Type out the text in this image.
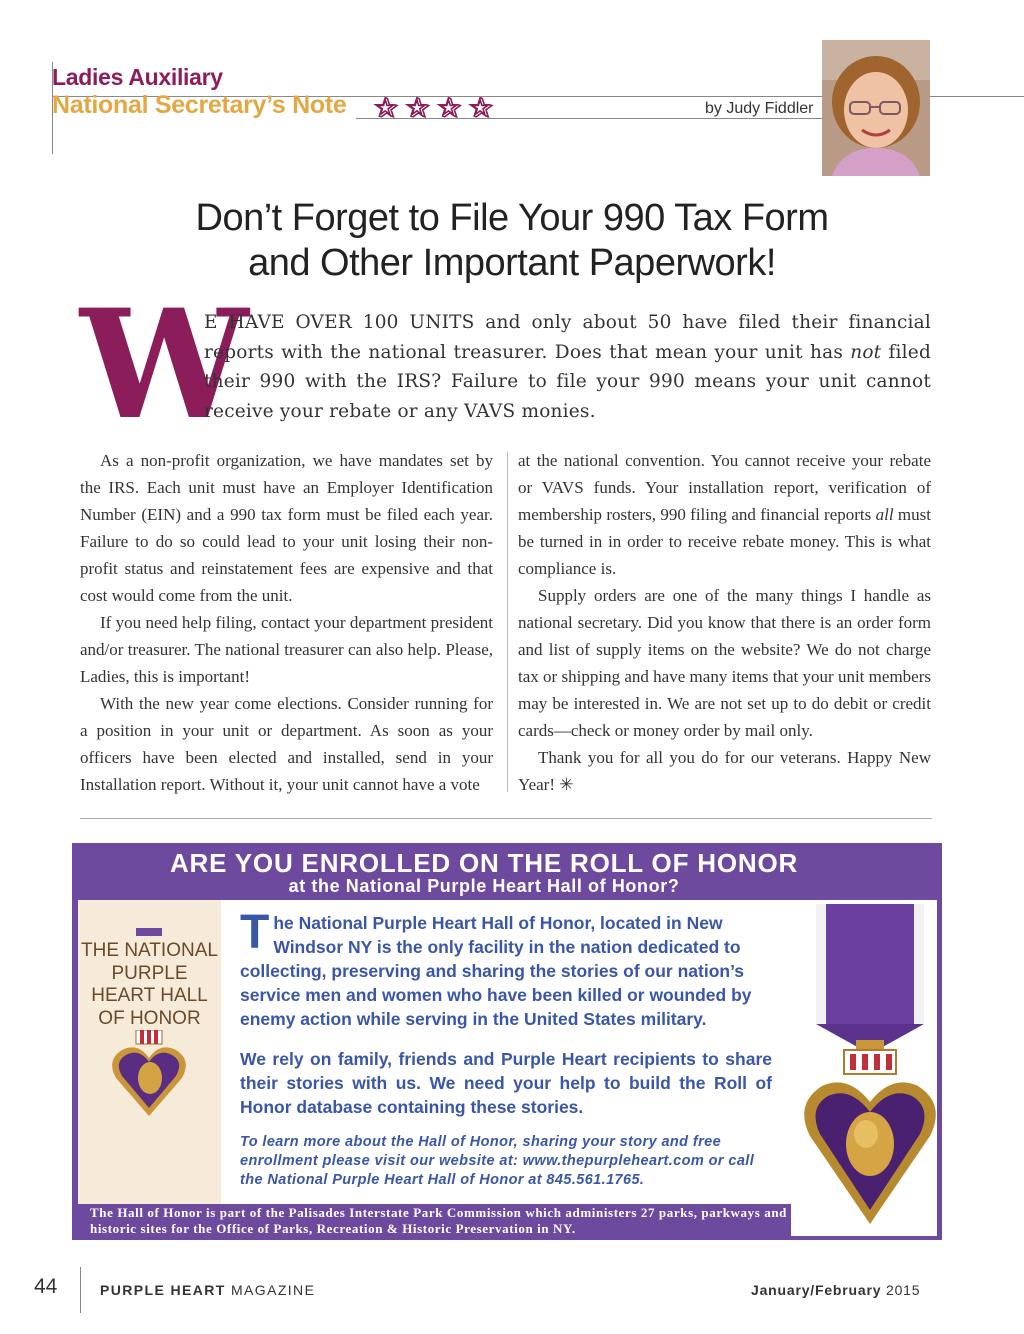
Ladies Auxiliary
National Secretary’s Note ✰ ✰ ✰ ✰	by Judy Fiddler
Don’t Forget to File Your 990 Tax Form
and Other Important Paperwork!
W
E HAVE OVER 100 UNITS and only about 50 have filed their financial reports with the national treasurer. Does that mean your unit has not filed their 990 with the IRS? Failure to file your 990 means your unit cannot receive your rebate or any VAVS monies.

As a non-profit organization, we have mandates set by the IRS. Each unit must have an Employer Identification Number (EIN) and a 990 tax form must be filed each year. Failure to do so could lead to your unit losing their non-profit status and reinstatement fees are expensive and that cost would come from the unit.

If you need help filing, contact your department president and/or treasurer. The national treasurer can also help. Please, Ladies, this is important!

With the new year come elections. Consider running for a position in your unit or department. As soon as your officers have been elected and installed, send in your Installation report. Without it, your unit cannot have a vote

at the national convention. You cannot receive your rebate or VAVS funds. Your installation report, verification of membership rosters, 990 filing and financial reports all must be turned in in order to receive rebate money. This is what compliance is.

Supply orders are one of the many things I handle as national secretary. Did you know that there is an order form and list of supply items on the website? We do not charge tax or shipping and have many items that your unit members may be interested in. We are not set up to do debit or credit cards—check or money order by mail only.

Thank you for all you do for our veterans. Happy New Year! ✳

ARE YOU ENROLLED ON THE ROLL OF HONOR
at the National Purple Heart Hall of Honor?
THE NATIONAL PURPLE HEART HALL OF HONOR
The National Purple Heart Hall of Honor, located in New Windsor NY is the only facility in the nation dedicated to collecting, preserving and sharing the stories of our nation’s service men and women who have been killed or wounded by enemy action while serving in the United States military.
We rely on family, friends and Purple Heart recipients to share their stories with us. We need your help to build the Roll of Honor database containing these stories.
To learn more about the Hall of Honor, sharing your story and free enrollment please visit our website at: www.thepurpleheart.com or call the National Purple Heart Hall of Honor at 845.561.1765.
The Hall of Honor is part of the Palisades Interstate Park Commission which administers 27 parks, parkways and historic sites for the Office of Parks, Recreation & Historic Preservation in NY.
44	PURPLE HEART MAGAZINE	January/February 2015
